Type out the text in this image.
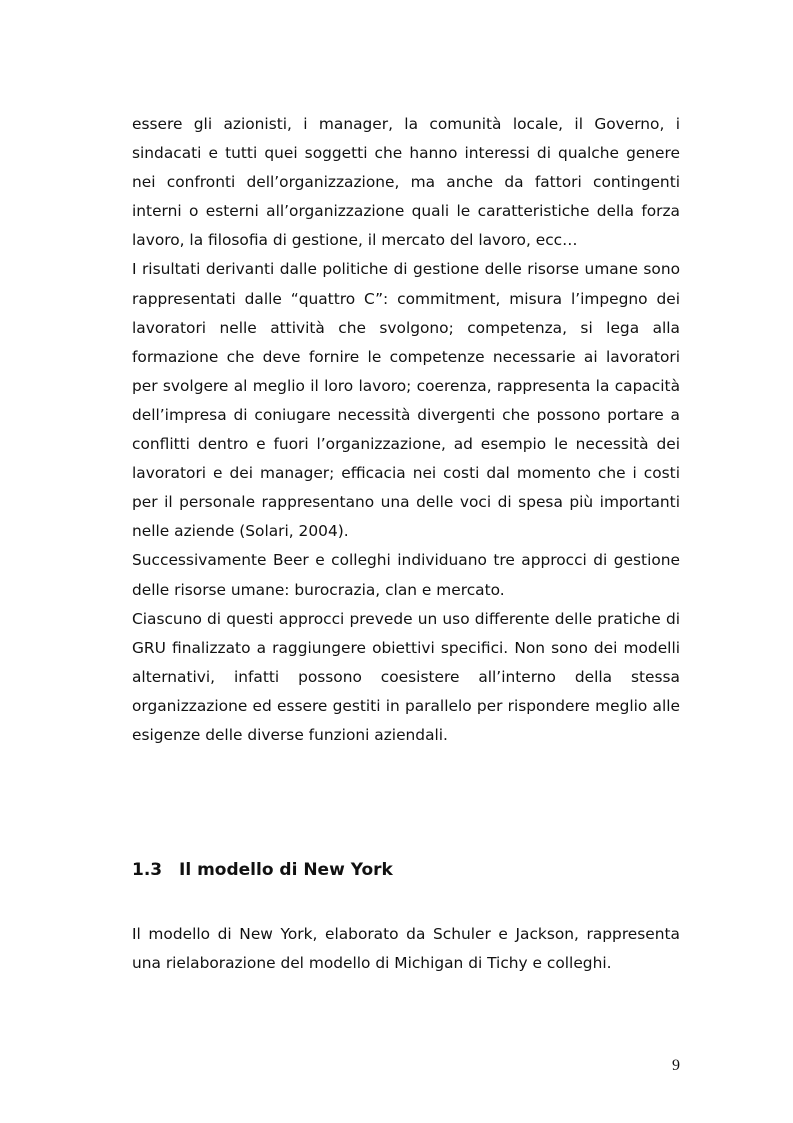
essere gli azionisti, i manager, la comunità locale, il Governo, i sindacati e tutti quei soggetti che hanno interessi di qualche genere nei confronti dell’organizzazione, ma anche da fattori contingenti interni o esterni all’organizzazione quali le caratteristiche della forza lavoro, la filosofia di gestione, il mercato del lavoro, ecc…

I risultati derivanti dalle politiche di gestione delle risorse umane sono rappresentati dalle “quattro C”: commitment, misura l’impegno dei lavoratori nelle attività che svolgono; competenza, si lega alla formazione che deve fornire le competenze necessarie ai lavoratori per svolgere al meglio il loro lavoro; coerenza, rappresenta la capacità dell’impresa di coniugare necessità divergenti che possono portare a conflitti dentro e fuori l’organizzazione, ad esempio le necessità dei lavoratori e dei manager; efficacia nei costi dal momento che i costi per il personale rappresentano una delle voci di spesa più importanti nelle aziende (Solari, 2004).

Successivamente Beer e colleghi individuano tre approcci di gestione delle risorse umane: burocrazia, clan e mercato.

Ciascuno di questi approcci prevede un uso differente delle pratiche di GRU finalizzato a raggiungere obiettivi specifici. Non sono dei modelli alternativi, infatti possono coesistere all’interno della stessa organizzazione ed essere gestiti in parallelo per rispondere meglio alle esigenze delle diverse funzioni aziendali.

1.3 Il modello di New York

Il modello di New York, elaborato da Schuler e Jackson, rappresenta una rielaborazione del modello di Michigan di Tichy e colleghi.

9
